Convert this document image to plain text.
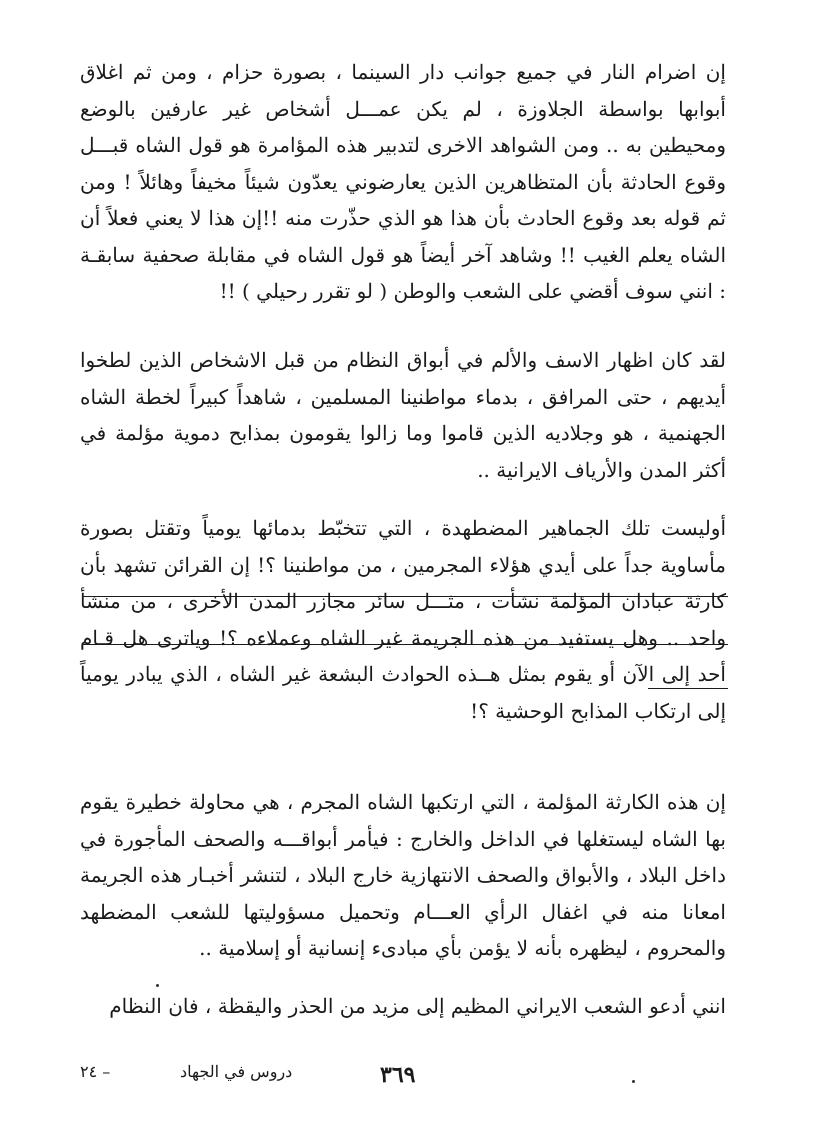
إن اضرام النار في جميع جوانب دار السينما ، بصورة حزام ، ومن ثم اغلاق أبوابها بواسطة الجلاوزة ، لم يكن عمـــل أشخاص غير عارفين بالوضع ومحيطين به .. ومن الشواهد الاخرى لتدبير هذه المؤامرة هو قول الشاه قبـــل وقوع الحادثة بأن المتظاهرين الذين يعارضوني يعدّون شيئاً مخيفاً وهائلاً ! ومن ثم قوله بعد وقوع الحادث بأن هذا هو الذي حذّرت منه !!إن هذا لا يعني فعلاً أن الشاه يعلم الغيب !! وشاهد آخر أيضاً هو قول الشاه في مقابلة صحفية سابقـة : انني سوف أقضي على الشعب والوطن ( لو تقرر رحيلي ) !!

لقد كان اظهار الاسف والألم في أبواق النظام من قبل الاشخاص الذين لطخوا أيديهم ، حتى المرافق ، بدماء مواطنينا المسلمين ، شاهداً كبيراً لخطة الشاه الجهنمية ، هو وجلاديه الذين قاموا وما زالوا يقومون بمذابح دموية مؤلمة في أكثر المدن والأرياف الايرانية ..

أوليست تلك الجماهير المضطهدة ، التي تتخبّط بدمائها يومياً وتقتل بصورة مأساوية جداً على أيدي هؤلاء المجرمين ، من مواطنينا ؟! إن القرائن تشهد بأن كارثة عبادان المؤلمة نشأت ، مثـــل سائر مجازر المدن الأخرى ، من منشأ واحد .. وهل يستفيد من هذه الجريمة غير الشاه وعملاءه ؟! وياترى هل قـام أحد إلى الآن أو يقوم بمثل هــذه الحوادث البشعة غير الشاه ، الذي يبادر يومياً إلى ارتكاب المذابح الوحشية ؟!

إن هذه الكارثة المؤلمة ، التي ارتكبها الشاه المجرم ، هي محاولة خطيرة يقوم بها الشاه ليستغلها في الداخل والخارج : فيأمر أبواقـــه والصحف المأجورة في داخل البلاد ، والأبواق والصحف الانتهازية خارج البلاد ، لتنشر أخبـار هذه الجريمة امعانا منه في اغفال الرأي العـــام وتحميل مسؤوليتها للشعب المضطهد والمحروم ، ليظهره بأنه لا يؤمن بأي مبادىء إنسانية أو إسلامية ..

انني أدعو الشعب الايراني المظيم إلى مزيد من الحذر واليقظة ، فان النظام

٣٦٩
دروس في الجهاد
٢٤ –
